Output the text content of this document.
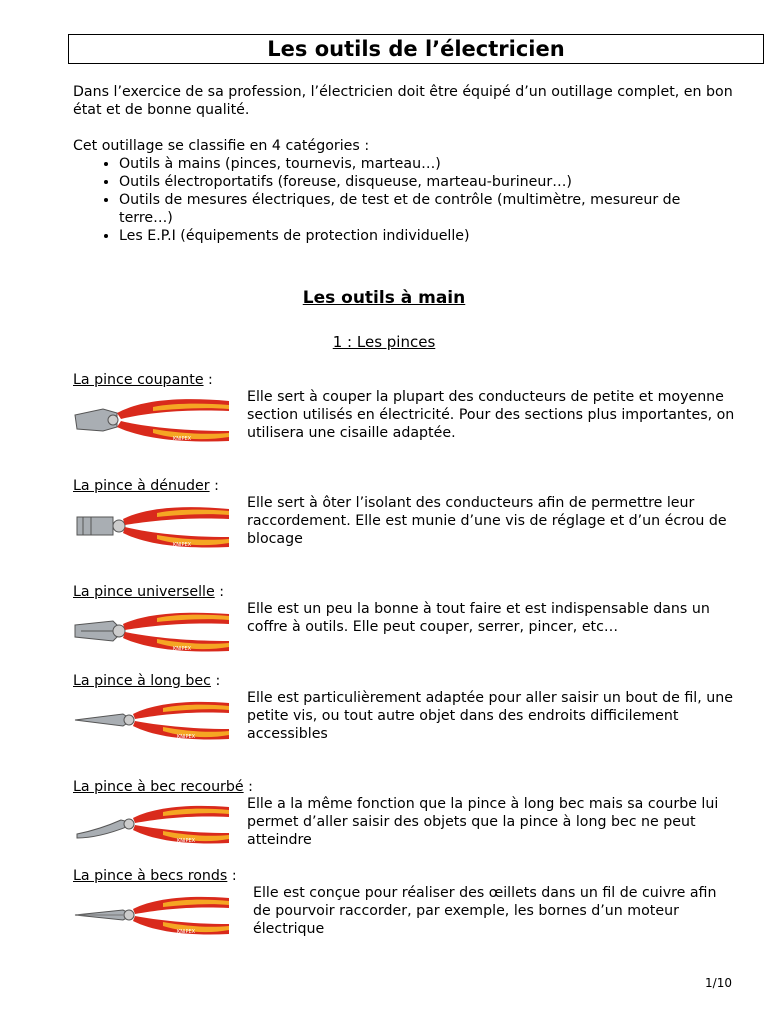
Les outils de l’électricien

Dans l’exercice de sa profession, l’électricien doit être équipé d’un outillage complet, en bon état et de bonne qualité.

Cet outillage se classifie en 4 catégories :

• Outils à mains (pinces, tournevis, marteau…)
• Outils électroportatifs (foreuse, disqueuse, marteau-burineur…)
• Outils de mesures électriques, de test et de contrôle (multimètre, mesureur de terre…)
• Les E.P.I (équipements de protection individuelle)
Les outils à main
1 : Les pinces
La pince coupante :
KNIPEX
Elle sert à couper la plupart des conducteurs de petite et moyenne section utilisés en électricité. Pour des sections plus importantes, on utilisera une cisaille adaptée.
La pince à dénuder :
KNIPEX
Elle sert à ôter l’isolant des conducteurs afin de permettre leur raccordement. Elle est munie d’une vis de réglage et d’un écrou de blocage
La pince universelle :
KNIPEX
Elle est un peu la bonne à tout faire et est indispensable dans un coffre à outils. Elle peut couper, serrer, pincer, etc…
La pince à long bec :
KNIPEX
Elle est particulièrement adaptée pour aller saisir un bout de fil, une petite vis, ou tout autre objet dans des endroits difficilement accessibles
La pince à bec recourbé :
KNIPEX
Elle a la même fonction que la pince à long bec mais sa courbe lui permet d’aller saisir des objets que la pince à long bec ne peut atteindre
La pince à becs ronds :
KNIPEX
Elle est conçue pour réaliser des œillets dans un fil de cuivre afin de pourvoir raccorder, par exemple, les bornes d’un moteur électrique
1/10
